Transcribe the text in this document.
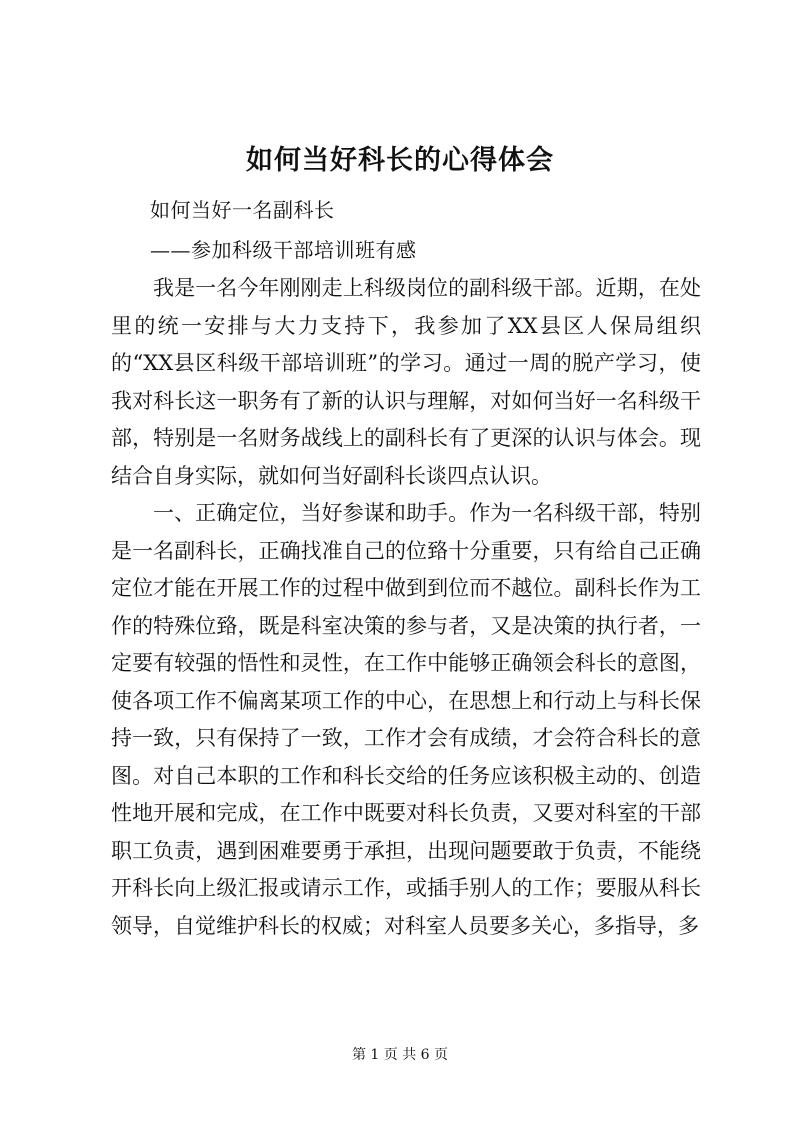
如何当好科长的心得体会

如何当好一名副科长

——参加科级干部培训班有感

我是一名今年刚刚走上科级岗位的副科级干部。近期，在处里的统一安排与大力支持下，我参加了XX县区人保局组织的“XX县区科级干部培训班”的学习。通过一周的脱产学习，使我对科长这一职务有了新的认识与理解，对如何当好一名科级干部，特别是一名财务战线上的副科长有了更深的认识与体会。现结合自身实际，就如何当好副科长谈四点认识。

一、正确定位，当好参谋和助手。作为一名科级干部，特别是一名副科长，正确找准自己的位臵十分重要，只有给自己正确定位才能在开展工作的过程中做到到位而不越位。副科长作为工作的特殊位臵，既是科室决策的参与者，又是决策的执行者，一定要有较强的悟性和灵性，在工作中能够正确领会科长的意图，使各项工作不偏离某项工作的中心，在思想上和行动上与科长保持一致，只有保持了一致，工作才会有成绩，才会符合科长的意图。对自己本职的工作和科长交给的任务应该积极主动的、创造性地开展和完成，在工作中既要对科长负责，又要对科室的干部职工负责，遇到困难要勇于承担，出现问题要敢于负责，不能绕开科长向上级汇报或请示工作，或插手别人的工作；要服从科长领导，自觉维护科长的权威；对科室人员要多关心，多指导，多

第 1 页 共 6 页
